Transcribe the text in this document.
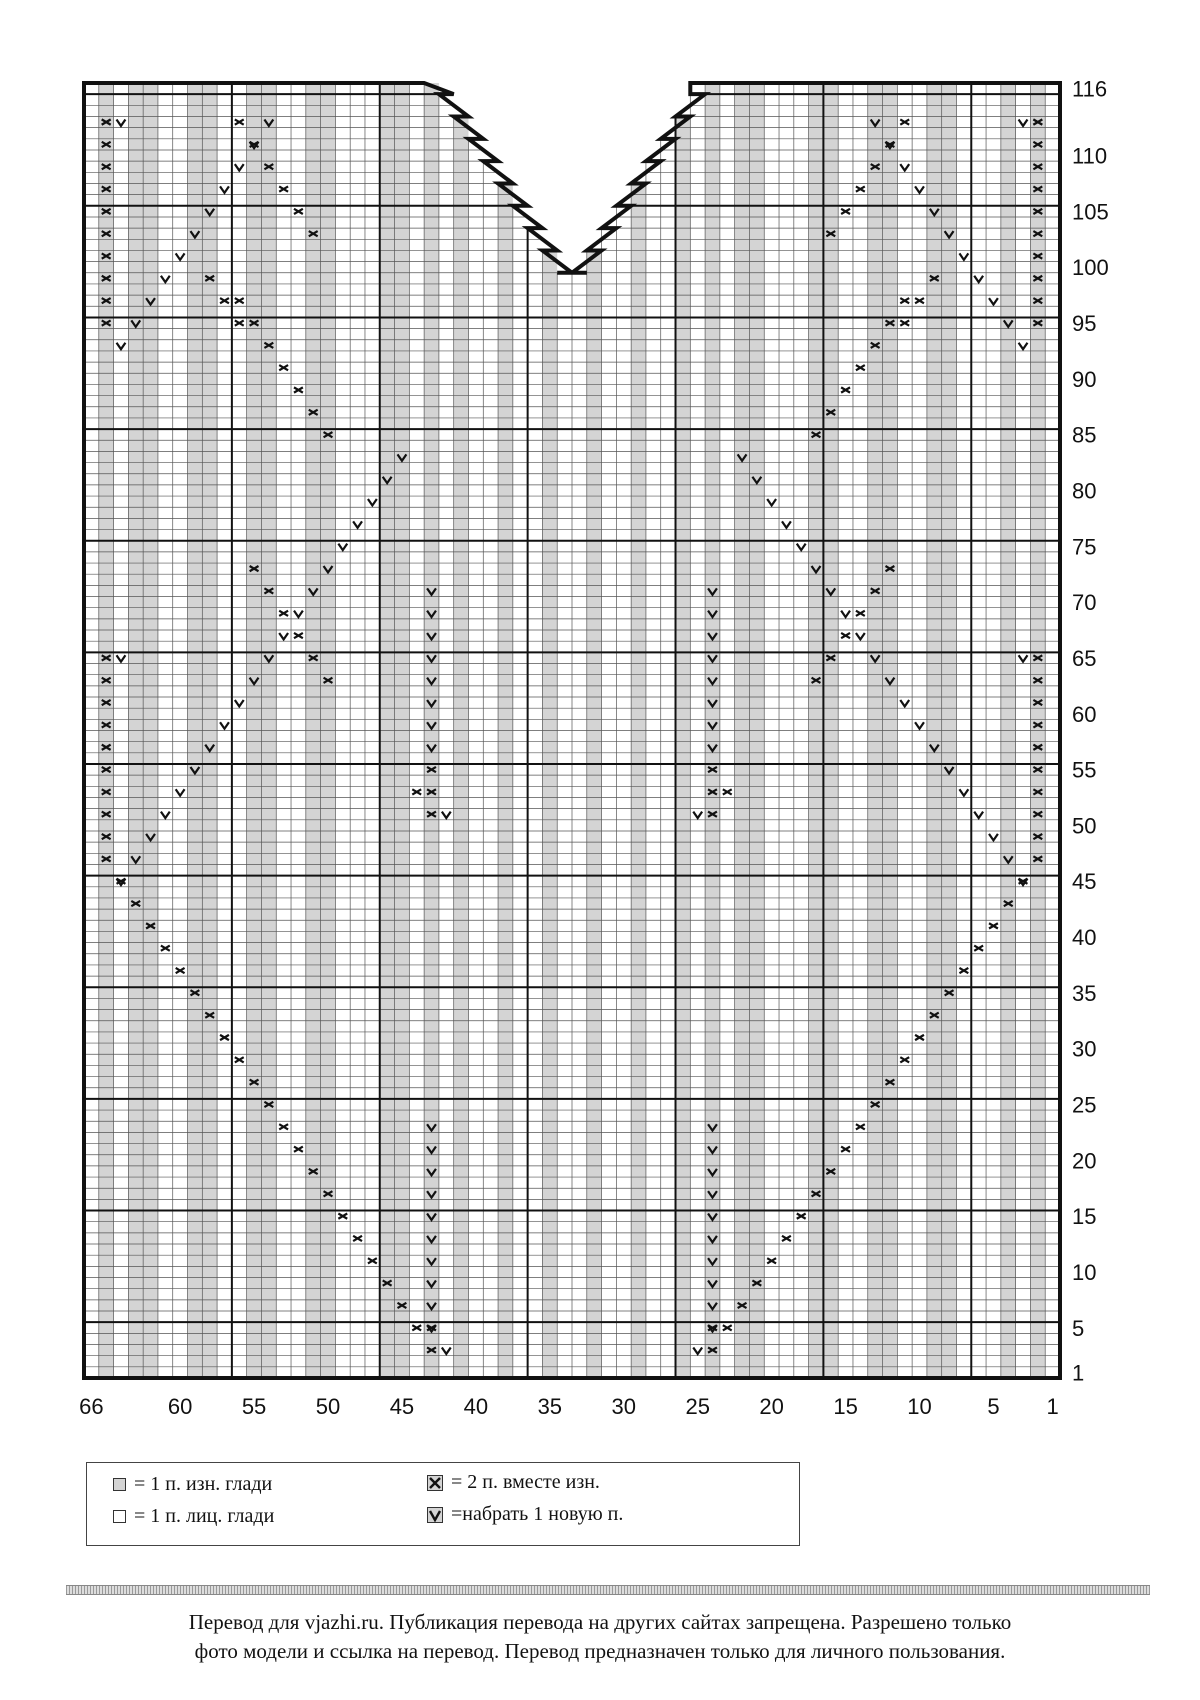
1
5
10
15
20
25
30
35
40
45
50
55
60
65
70
75
80
85
90
95
100
105
110
116
66	60 55 50 45 40 35 30 25 20 15 10	5 1
= 1 п. изн. глади
= 1 п. лиц. глади
= 2 п. вместе изн.
=набрать 1 новую п.
Перевод для vjazhi.ru. Публикация перевода на других сайтах запрещена. Разрешено только
фото модели и ссылка на перевод. Перевод предназначен только для личного пользования.
